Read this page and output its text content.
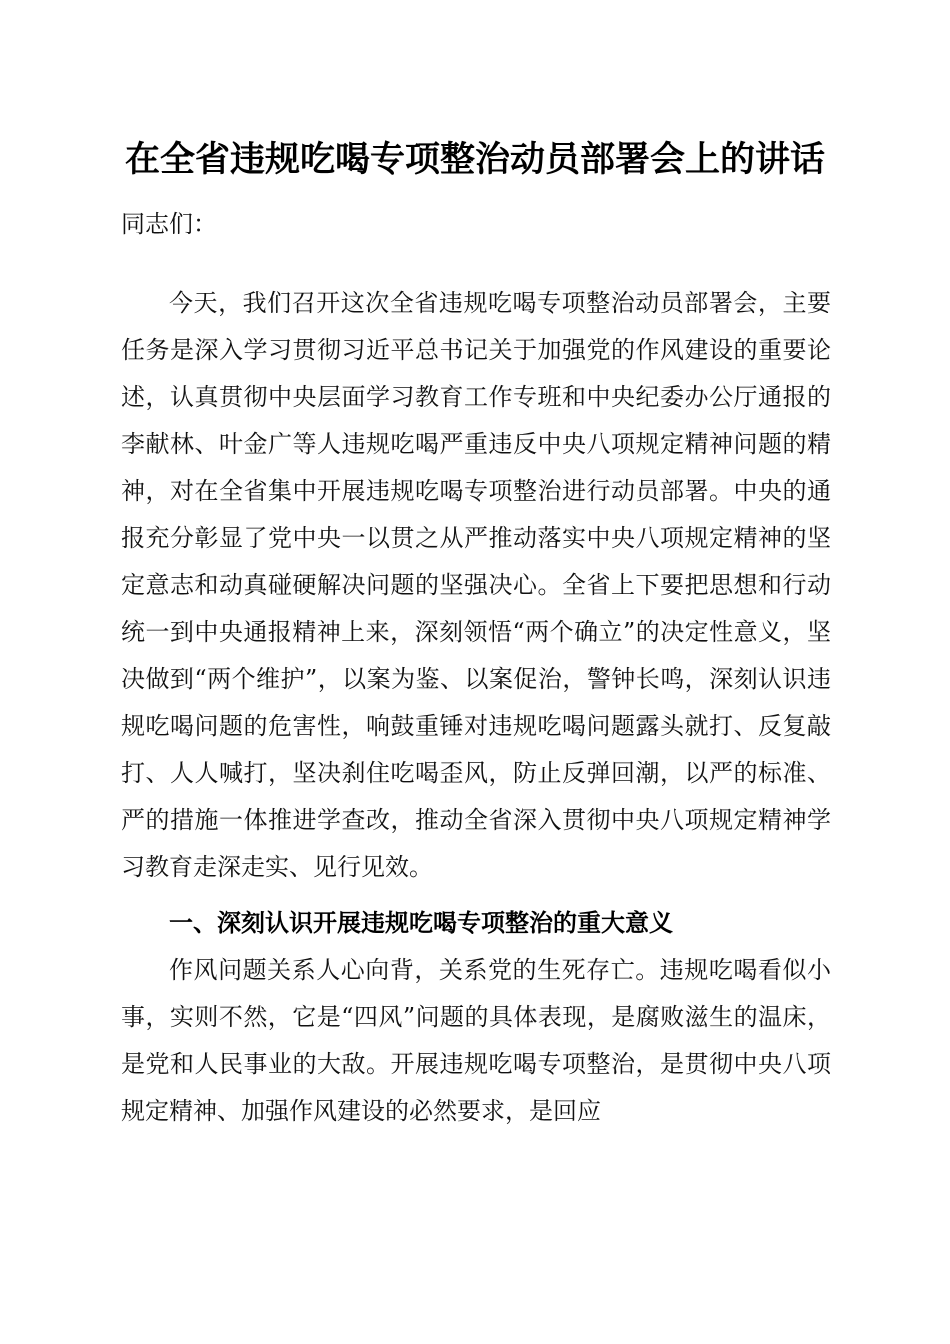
在全省违规吃喝专项整治动员部署会上的讲话

同志们：

今天，我们召开这次全省违规吃喝专项整治动员部署会，主要任务是深入学习贯彻习近平总书记关于加强党的作风建设的重要论述，认真贯彻中央层面学习教育工作专班和中央纪委办公厅通报的李献林、叶金广等人违规吃喝严重违反中央八项规定精神问题的精神，对在全省集中开展违规吃喝专项整治进行动员部署。中央的通报充分彰显了党中央一以贯之从严推动落实中央八项规定精神的坚定意志和动真碰硬解决问题的坚强决心。全省上下要把思想和行动统一到中央通报精神上来，深刻领悟“两个确立”的决定性意义，坚决做到“两个维护”，以案为鉴、以案促治，警钟长鸣，深刻认识违规吃喝问题的危害性，响鼓重锤对违规吃喝问题露头就打、反复敲打、人人喊打，坚决刹住吃喝歪风，防止反弹回潮，以严的标准、严的措施一体推进学查改，推动全省深入贯彻中央八项规定精神学习教育走深走实、见行见效。

一、深刻认识开展违规吃喝专项整治的重大意义

作风问题关系人心向背，关系党的生死存亡。违规吃喝看似小事，实则不然，它是“四风”问题的具体表现，是腐败滋生的温床，是党和人民事业的大敌。开展违规吃喝专项整治，是贯彻中央八项规定精神、加强作风建设的必然要求，是回应
